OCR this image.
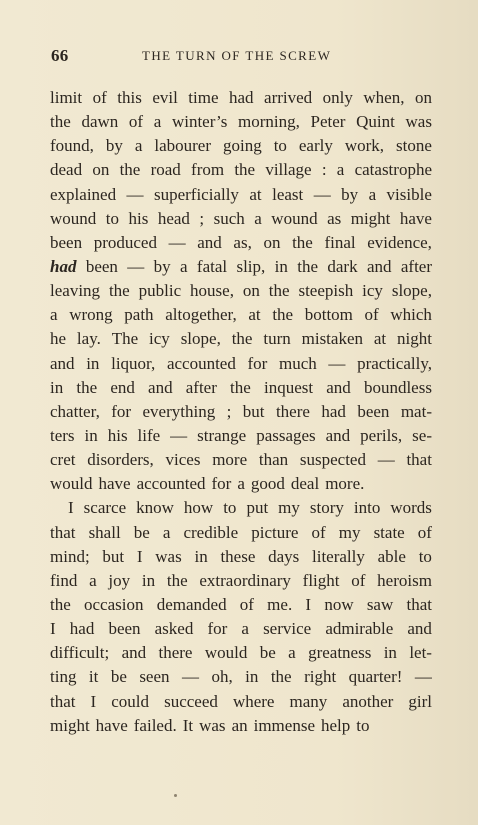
66	THE TURN OF THE SCREW
limit of this evil time had arrived only when, on
the dawn of a winter’s morning, Peter Quint was
found, by a labourer going to early work, stone
dead on the road from the village : a catastrophe
explained — superficially at least — by a visible
wound to his head ; such a wound as might have
been produced — and as, on the final evidence,
had been — by a fatal slip, in the dark and after
leaving the public house, on the steepish icy slope,
a wrong path altogether, at the bottom of which
he lay. The icy slope, the turn mistaken at night
and in liquor, accounted for much — practically,
in the end and after the inquest and boundless
chatter, for everything ; but there had been mat-
ters in his life — strange passages and perils, se-
cret disorders, vices more than suspected — that
would have accounted for a good deal more.
I scarce know how to put my story into words
that shall be a credible picture of my state of
mind; but I was in these days literally able to
find a joy in the extraordinary flight of heroism
the occasion demanded of me. I now saw that
I had been asked for a service admirable and
difficult; and there would be a greatness in let-
ting it be seen — oh, in the right quarter! —
that I could succeed where many another girl
might have failed. It was an immense help to
